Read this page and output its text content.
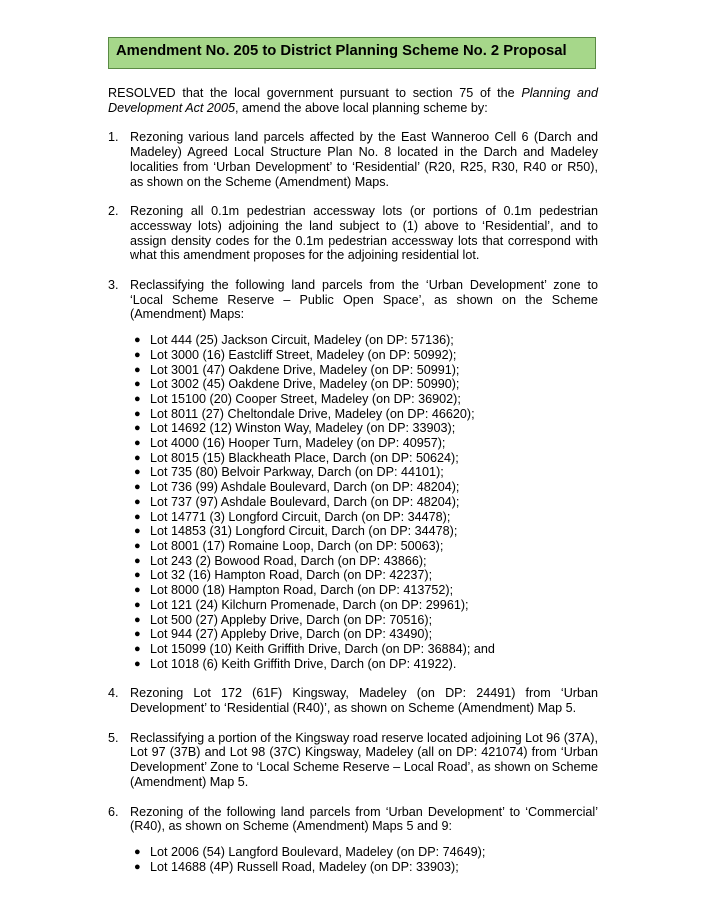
Amendment No. 205 to District Planning Scheme No. 2 Proposal

RESOLVED that the local government pursuant to section 75 of the Planning and Development Act 2005, amend the above local planning scheme by:

1. Rezoning various land parcels affected by the East Wanneroo Cell 6 (Darch and Madeley) Agreed Local Structure Plan No. 8 located in the Darch and Madeley localities from ‘Urban Development’ to ‘Residential’ (R20, R25, R30, R40 or R50), as shown on the Scheme (Amendment) Maps.
2. Rezoning all 0.1m pedestrian accessway lots (or portions of 0.1m pedestrian accessway lots) adjoining the land subject to (1) above to ‘Residential’, and to assign density codes for the 0.1m pedestrian accessway lots that correspond with what this amendment proposes for the adjoining residential lot.
3. Reclassifying the following land parcels from the ‘Urban Development’ zone to ‘Local Scheme Reserve – Public Open Space’, as shown on the Scheme (Amendment) Maps:
● Lot 444 (25) Jackson Circuit, Madeley (on DP: 57136);
● Lot 3000 (16) Eastcliff Street, Madeley (on DP: 50992);
● Lot 3001 (47) Oakdene Drive, Madeley (on DP: 50991);
● Lot 3002 (45) Oakdene Drive, Madeley (on DP: 50990);
● Lot 15100 (20) Cooper Street, Madeley (on DP: 36902);
● Lot 8011 (27) Cheltondale Drive, Madeley (on DP: 46620);
● Lot 14692 (12) Winston Way, Madeley (on DP: 33903);
● Lot 4000 (16) Hooper Turn, Madeley (on DP: 40957);
● Lot 8015 (15) Blackheath Place, Darch (on DP: 50624);
● Lot 735 (80) Belvoir Parkway, Darch (on DP: 44101);
● Lot 736 (99) Ashdale Boulevard, Darch (on DP: 48204);
● Lot 737 (97) Ashdale Boulevard, Darch (on DP: 48204);
● Lot 14771 (3) Longford Circuit, Darch (on DP: 34478);
● Lot 14853 (31) Longford Circuit, Darch (on DP: 34478);
● Lot 8001 (17) Romaine Loop, Darch (on DP: 50063);
● Lot 243 (2) Bowood Road, Darch (on DP: 43866);
● Lot 32 (16) Hampton Road, Darch (on DP: 42237);
● Lot 8000 (18) Hampton Road, Darch (on DP: 413752);
● Lot 121 (24) Kilchurn Promenade, Darch (on DP: 29961);
● Lot 500 (27) Appleby Drive, Darch (on DP: 70516);
● Lot 944 (27) Appleby Drive, Darch (on DP: 43490);
● Lot 15099 (10) Keith Griffith Drive, Darch (on DP: 36884); and
● Lot 1018 (6) Keith Griffith Drive, Darch (on DP: 41922).
4. Rezoning Lot 172 (61F) Kingsway, Madeley (on DP: 24491) from ‘Urban Development’ to ‘Residential (R40)’, as shown on Scheme (Amendment) Map 5.
5. Reclassifying a portion of the Kingsway road reserve located adjoining Lot 96 (37A), Lot 97 (37B) and Lot 98 (37C) Kingsway, Madeley (all on DP: 421074) from ‘Urban Development’ Zone to ‘Local Scheme Reserve – Local Road’, as shown on Scheme (Amendment) Map 5.
6. Rezoning of the following land parcels from ‘Urban Development’ to ‘Commercial’ (R40), as shown on Scheme (Amendment) Maps 5 and 9:
● Lot 2006 (54) Langford Boulevard, Madeley (on DP: 74649);
● Lot 14688 (4P) Russell Road, Madeley (on DP: 33903);
